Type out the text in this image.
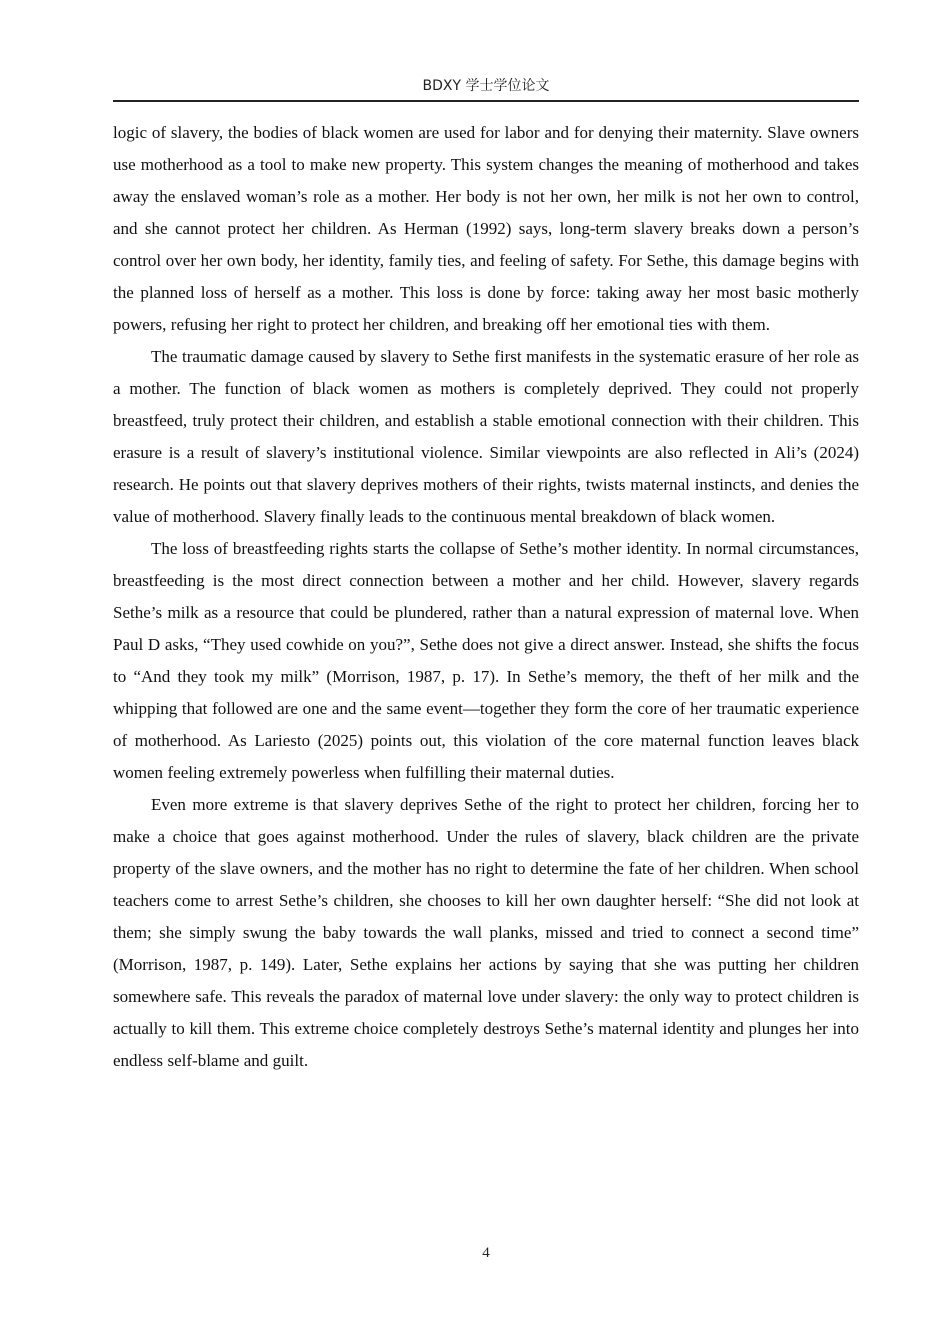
BDXY 学士学位论文

logic of slavery, the bodies of black women are used for labor and for denying their maternity. Slave owners use motherhood as a tool to make new property. This system changes the meaning of motherhood and takes away the enslaved woman’s role as a mother. Her body is not her own, her milk is not her own to control, and she cannot protect her children. As Herman (1992) says, long-term slavery breaks down a person’s control over her own body, her identity, family ties, and feeling of safety. For Sethe, this damage begins with the planned loss of herself as a mother. This loss is done by force: taking away her most basic motherly powers, refusing her right to protect her children, and breaking off her emotional ties with them.

The traumatic damage caused by slavery to Sethe first manifests in the systematic erasure of her role as a mother. The function of black women as mothers is completely deprived. They could not properly breastfeed, truly protect their children, and establish a stable emotional connection with their children. This erasure is a result of slavery’s institutional violence. Similar viewpoints are also reflected in Ali’s (2024) research. He points out that slavery deprives mothers of their rights, twists maternal instincts, and denies the value of motherhood. Slavery finally leads to the continuous mental breakdown of black women.

The loss of breastfeeding rights starts the collapse of Sethe’s mother identity. In normal circumstances, breastfeeding is the most direct connection between a mother and her child. However, slavery regards Sethe’s milk as a resource that could be plundered, rather than a natural expression of maternal love. When Paul D asks, “They used cowhide on you?”, Sethe does not give a direct answer. Instead, she shifts the focus to “And they took my milk” (Morrison, 1987, p. 17). In Sethe’s memory, the theft of her milk and the whipping that followed are one and the same event—together they form the core of her traumatic experience of motherhood. As Lariesto (2025) points out, this violation of the core maternal function leaves black women feeling extremely powerless when fulfilling their maternal duties.

Even more extreme is that slavery deprives Sethe of the right to protect her children, forcing her to make a choice that goes against motherhood. Under the rules of slavery, black children are the private property of the slave owners, and the mother has no right to determine the fate of her children. When school teachers come to arrest Sethe’s children, she chooses to kill her own daughter herself: “She did not look at them; she simply swung the baby towards the wall planks, missed and tried to connect a second time” (Morrison, 1987, p. 149). Later, Sethe explains her actions by saying that she was putting her children somewhere safe. This reveals the paradox of maternal love under slavery: the only way to protect children is actually to kill them. This extreme choice completely destroys Sethe’s maternal identity and plunges her into endless self-blame and guilt.

4
